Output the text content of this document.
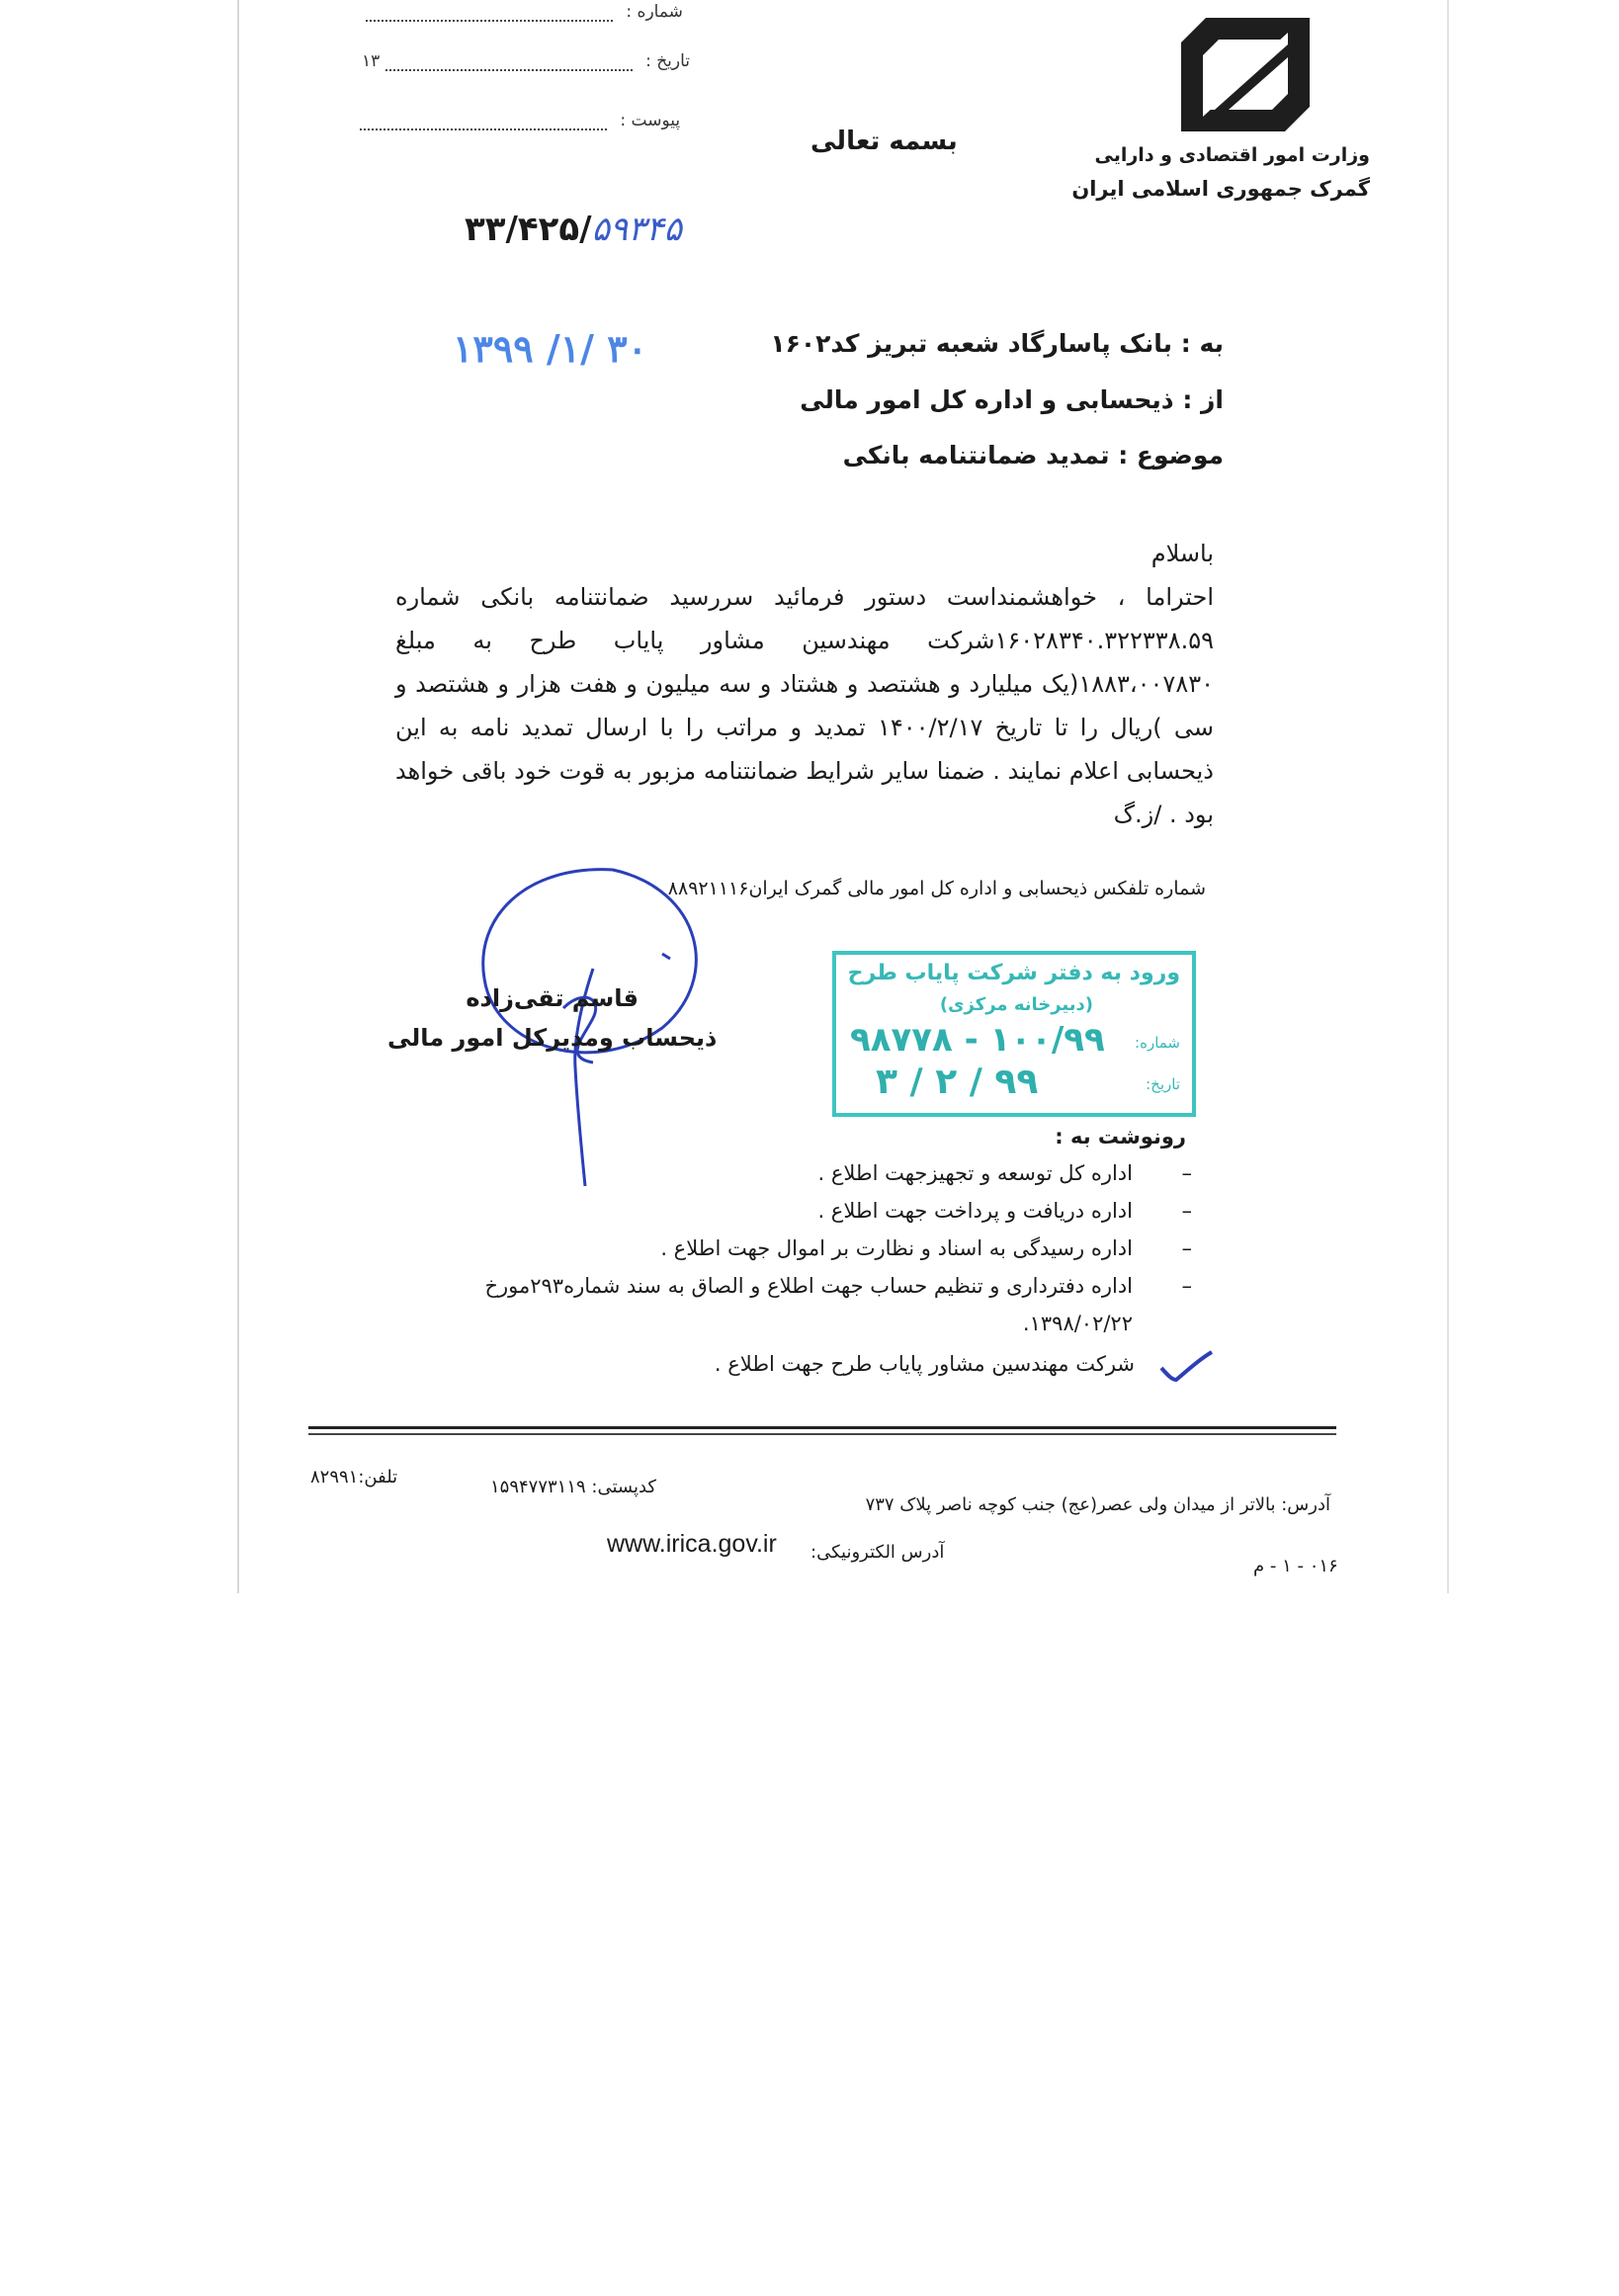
شماره :
تاریخ :  ۱۳
پیوست :
وزارت امور اقتصادی و دارایی
گمرک جمهوری اسلامی ایران
بسمه تعالی
۳۳/۴۲۵/۵۹۳۴۵
۱۳۹۹ /۱/ ۳۰	به : بانک پاسارگاد شعبه تبریز کد۱۶۰۲
از : ذیحسابی و اداره کل امور مالی
موضوع : تمدید ضمانتنامه بانکی

باسلام

احتراما ، خواهشمنداست دستور فرمائید سررسید ضمانتنامه بانکی شماره ۱۶۰۲۸۳۴۰.۳۲۲۳۳۸.۵۹شرکت مهندسین مشاور پایاب طرح به مبلغ ۱۸۸۳،۰۰۷۸۳۰(یک میلیارد و هشتصد و هشتاد و سه میلیون و هفت هزار و هشتصد و سی )ریال را تا تاریخ ۱۴۰۰/۲/۱۷ تمدید و مراتب را با ارسال تمدید نامه به این ذیحسابی اعلام نمایند . ضمنا سایر شرایط ضمانتنامه مزبور به قوت خود باقی خواهد بود . /ز.گ

شماره تلفکس ذیحسابی و اداره کل امور مالی گمرک ایران۸۸۹۲۱۱۱۶
قاسم تقی‌زاده
ذیحساب ومدیرکل امور مالی
ورود به دفتر شرکت پایاب طرح
(دبیرخانه مرکزی)
شماره:
۱۰۰/۹۹ - ۹۸۷۷۸
تاریخ:
۹۹ / ۲ / ۳
رونوشت به :
–
اداره کل توسعه و تجهیزجهت اطلاع .
–
اداره دریافت و پرداخت جهت اطلاع .
–
اداره رسیدگی به اسناد و نظارت بر اموال جهت اطلاع .
–
اداره دفترداری و تنظیم حساب جهت اطلاع و الصاق به سند شماره۲۹۳مورخ ۱۳۹۸/۰۲/۲۲.
شرکت مهندسین مشاور پایاب طرح جهت اطلاع .
آدرس: بالاتر از میدان ولی عصر(عج) جنب کوچه ناصر پلاک ۷۳۷
کدپستی: ۱۵۹۴۷۷۳۱۱۹
تلفن:۸۲۹۹۱
آدرس الکترونیکی:
www.irica.gov.ir
۰۱۶ - ۱ - م
